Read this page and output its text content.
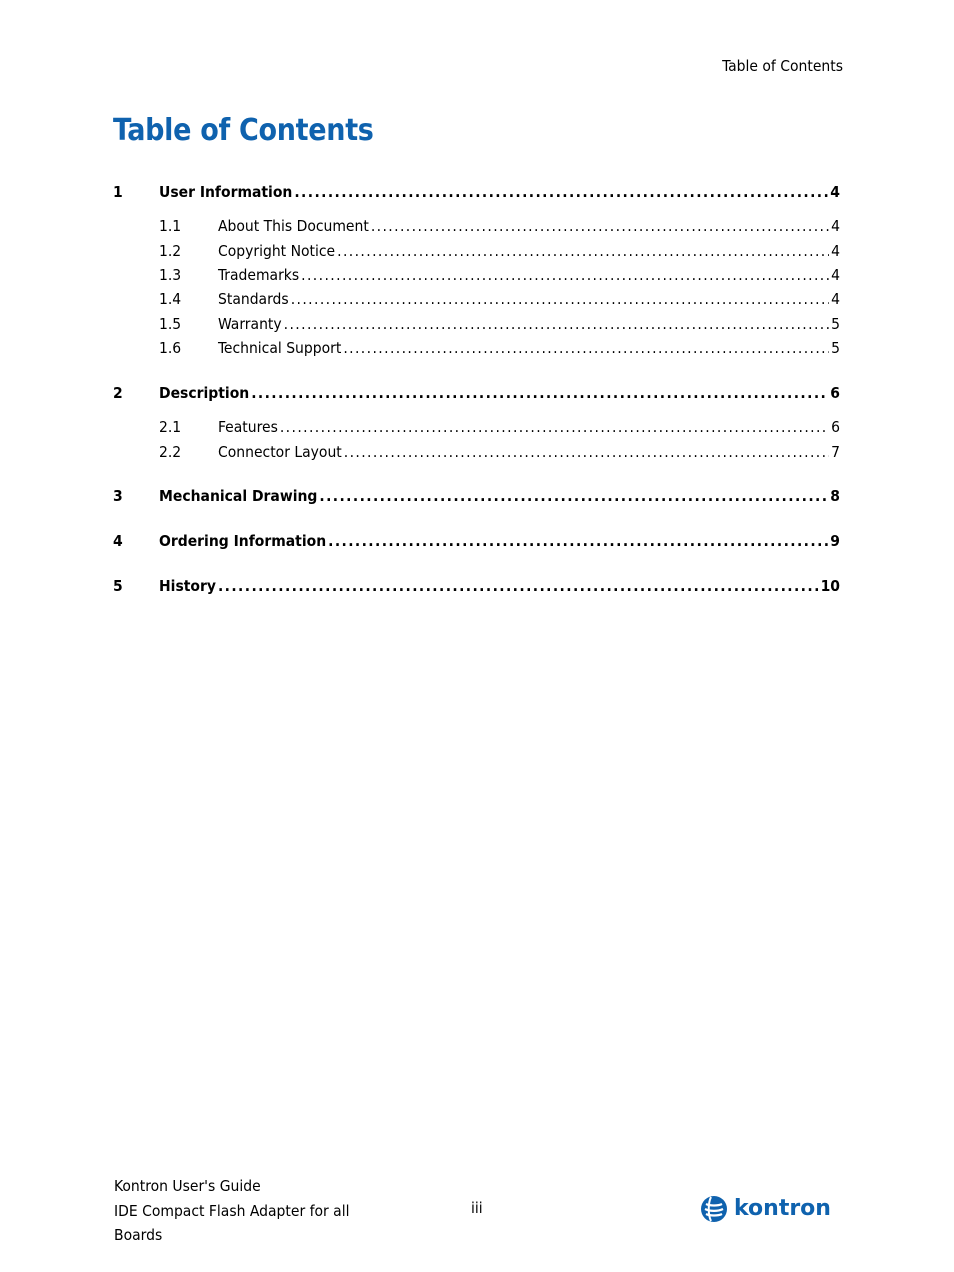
Table of Contents
Table of Contents
1	User Information .....	4
1.1	About This Document .....	4
1.2	Copyright Notice .....	4
1.3	Trademarks .....	4
1.4	Standards .....	4
1.5	Warranty .....	5
1.6	Technical Support .....	5
2	Description .....	6
2.1	Features .....	6
2.2	Connector Layout .....	7
3	Mechanical Drawing .....	8
4	Ordering Information .....	9
5	History .....	10
Kontron User's Guide
IDE Compact Flash Adapter for all
Boards
iii	kontron
